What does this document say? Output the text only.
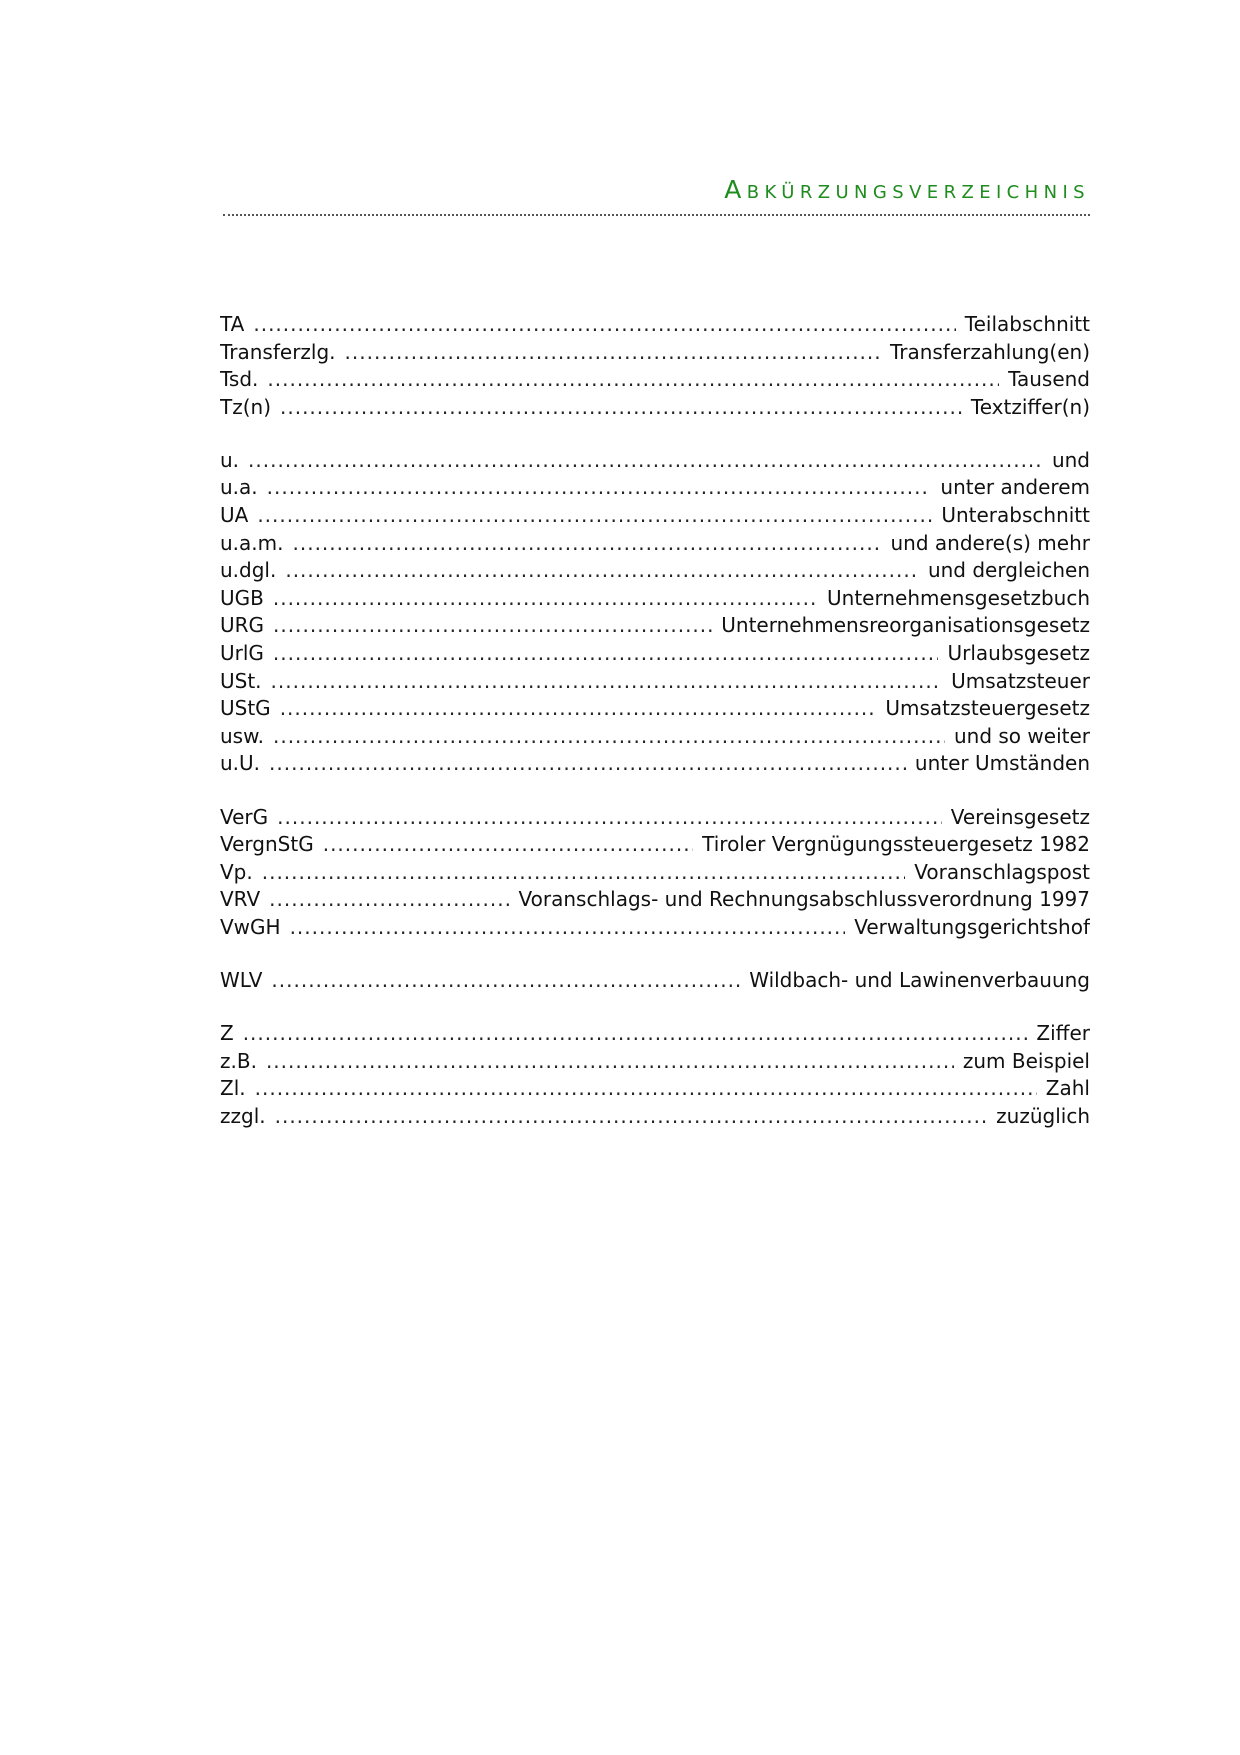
ABKÜRZUNGSVERZEICHNIS
TA .....	Teilabschnitt
Transferzlg. .....	Transferzahlung(en)
Tsd. .....	Tausend
Tz(n) .....	Textziffer(n)
u. .....	und
u.a. .....	unter anderem
UA .....	Unterabschnitt
u.a.m. .....	und andere(s) mehr
u.dgl. .....	und dergleichen
UGB .....	Unternehmensgesetzbuch
URG .....	Unternehmensreorganisationsgesetz
UrlG .....	Urlaubsgesetz
USt. .....	Umsatzsteuer
UStG .....	Umsatzsteuergesetz
usw. .....	und so weiter
u.U. .....	unter Umständen
VerG .....	Vereinsgesetz
VergnStG .....	Tiroler Vergnügungssteuergesetz 1982
Vp. .....	Voranschlagspost
VRV .....	Voranschlags- und Rechnungsabschlussverordnung 1997
VwGH .....	Verwaltungsgerichtshof
WLV .....	Wildbach- und Lawinenverbauung
Z .....	Ziffer
z.B. .....	zum Beispiel
Zl. .....	Zahl
zzgl. .....	zuzüglich
